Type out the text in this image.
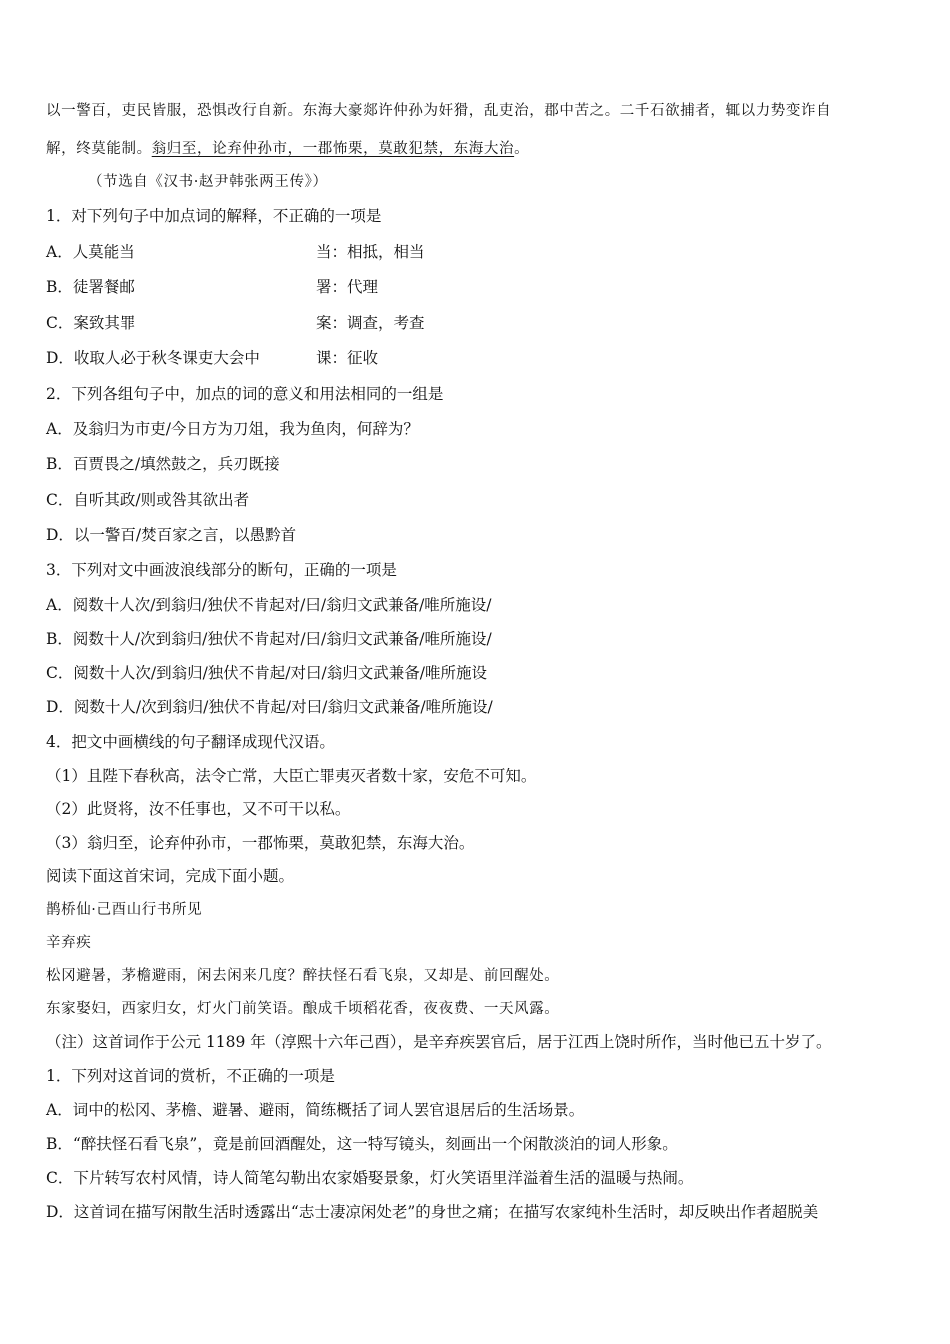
以一警百，吏民皆服，恐惧改行自新。东海大豪郯许仲孙为奸猾，乱吏治，郡中苦之。二千石欲捕者，辄以力势变诈自
解，终莫能制。翁归至，论弃仲孙市，一郡怖栗，莫敢犯禁，东海大治。
（节选自《汉书·赵尹韩张两王传》）
1．对下列句子中加点词的解释，不正确的一项是
A．人莫能当	当：相抵，相当
B．徒署餐邮	署：代理
C．案致其罪	案：调查，考查
D．收取人必于秋冬课吏大会中	课：征收
2．下列各组句子中，加点的词的意义和用法相同的一组是
A．及翁归为市吏/今日方为刀俎，我为鱼肉，何辞为？
B．百贾畏之/填然鼓之，兵刃既接
C．自听其政/则或咎其欲出者
D．以一警百/焚百家之言，以愚黔首
3．下列对文中画波浪线部分的断句，正确的一项是
A．阅数十人次/到翁归/独伏不肯起对/曰/翁归文武兼备/唯所施设/
B．阅数十人/次到翁归/独伏不肯起对/曰/翁归文武兼备/唯所施设/
C．阅数十人次/到翁归/独伏不肯起/对曰/翁归文武兼备/唯所施设
D．阅数十人/次到翁归/独伏不肯起/对曰/翁归文武兼备/唯所施设/
4．把文中画横线的句子翻译成现代汉语。
（1）且陛下春秋高，法令亡常，大臣亡罪夷灭者数十家，安危不可知。
（2）此贤将，汝不任事也，又不可干以私。
（3）翁归至，论弃仲孙市，一郡怖栗，莫敢犯禁，东海大治。
阅读下面这首宋词，完成下面小题。
鹊桥仙·己酉山行书所见
辛弃疾
松冈避暑，茅檐避雨，闲去闲来几度？醉扶怪石看飞泉，又却是、前回醒处。
东家娶妇，西家归女，灯火门前笑语。酿成千顷稻花香，夜夜费、一天风露。
（注）这首词作于公元 1189 年（淳熙十六年己酉），是辛弃疾罢官后，居于江西上饶时所作，当时他已五十岁了。
1．下列对这首词的赏析，不正确的一项是
A．词中的松冈、茅檐、避暑、避雨，简练概括了词人罢官退居后的生活场景。
B．“醉扶怪石看飞泉”，竟是前回酒醒处，这一特写镜头，刻画出一个闲散淡泊的词人形象。
C．下片转写农村风情，诗人简笔勾勒出农家婚娶景象，灯火笑语里洋溢着生活的温暖与热闹。
D．这首词在描写闲散生活时透露出“志士凄凉闲处老”的身世之痛；在描写农家纯朴生活时，却反映出作者超脱美
